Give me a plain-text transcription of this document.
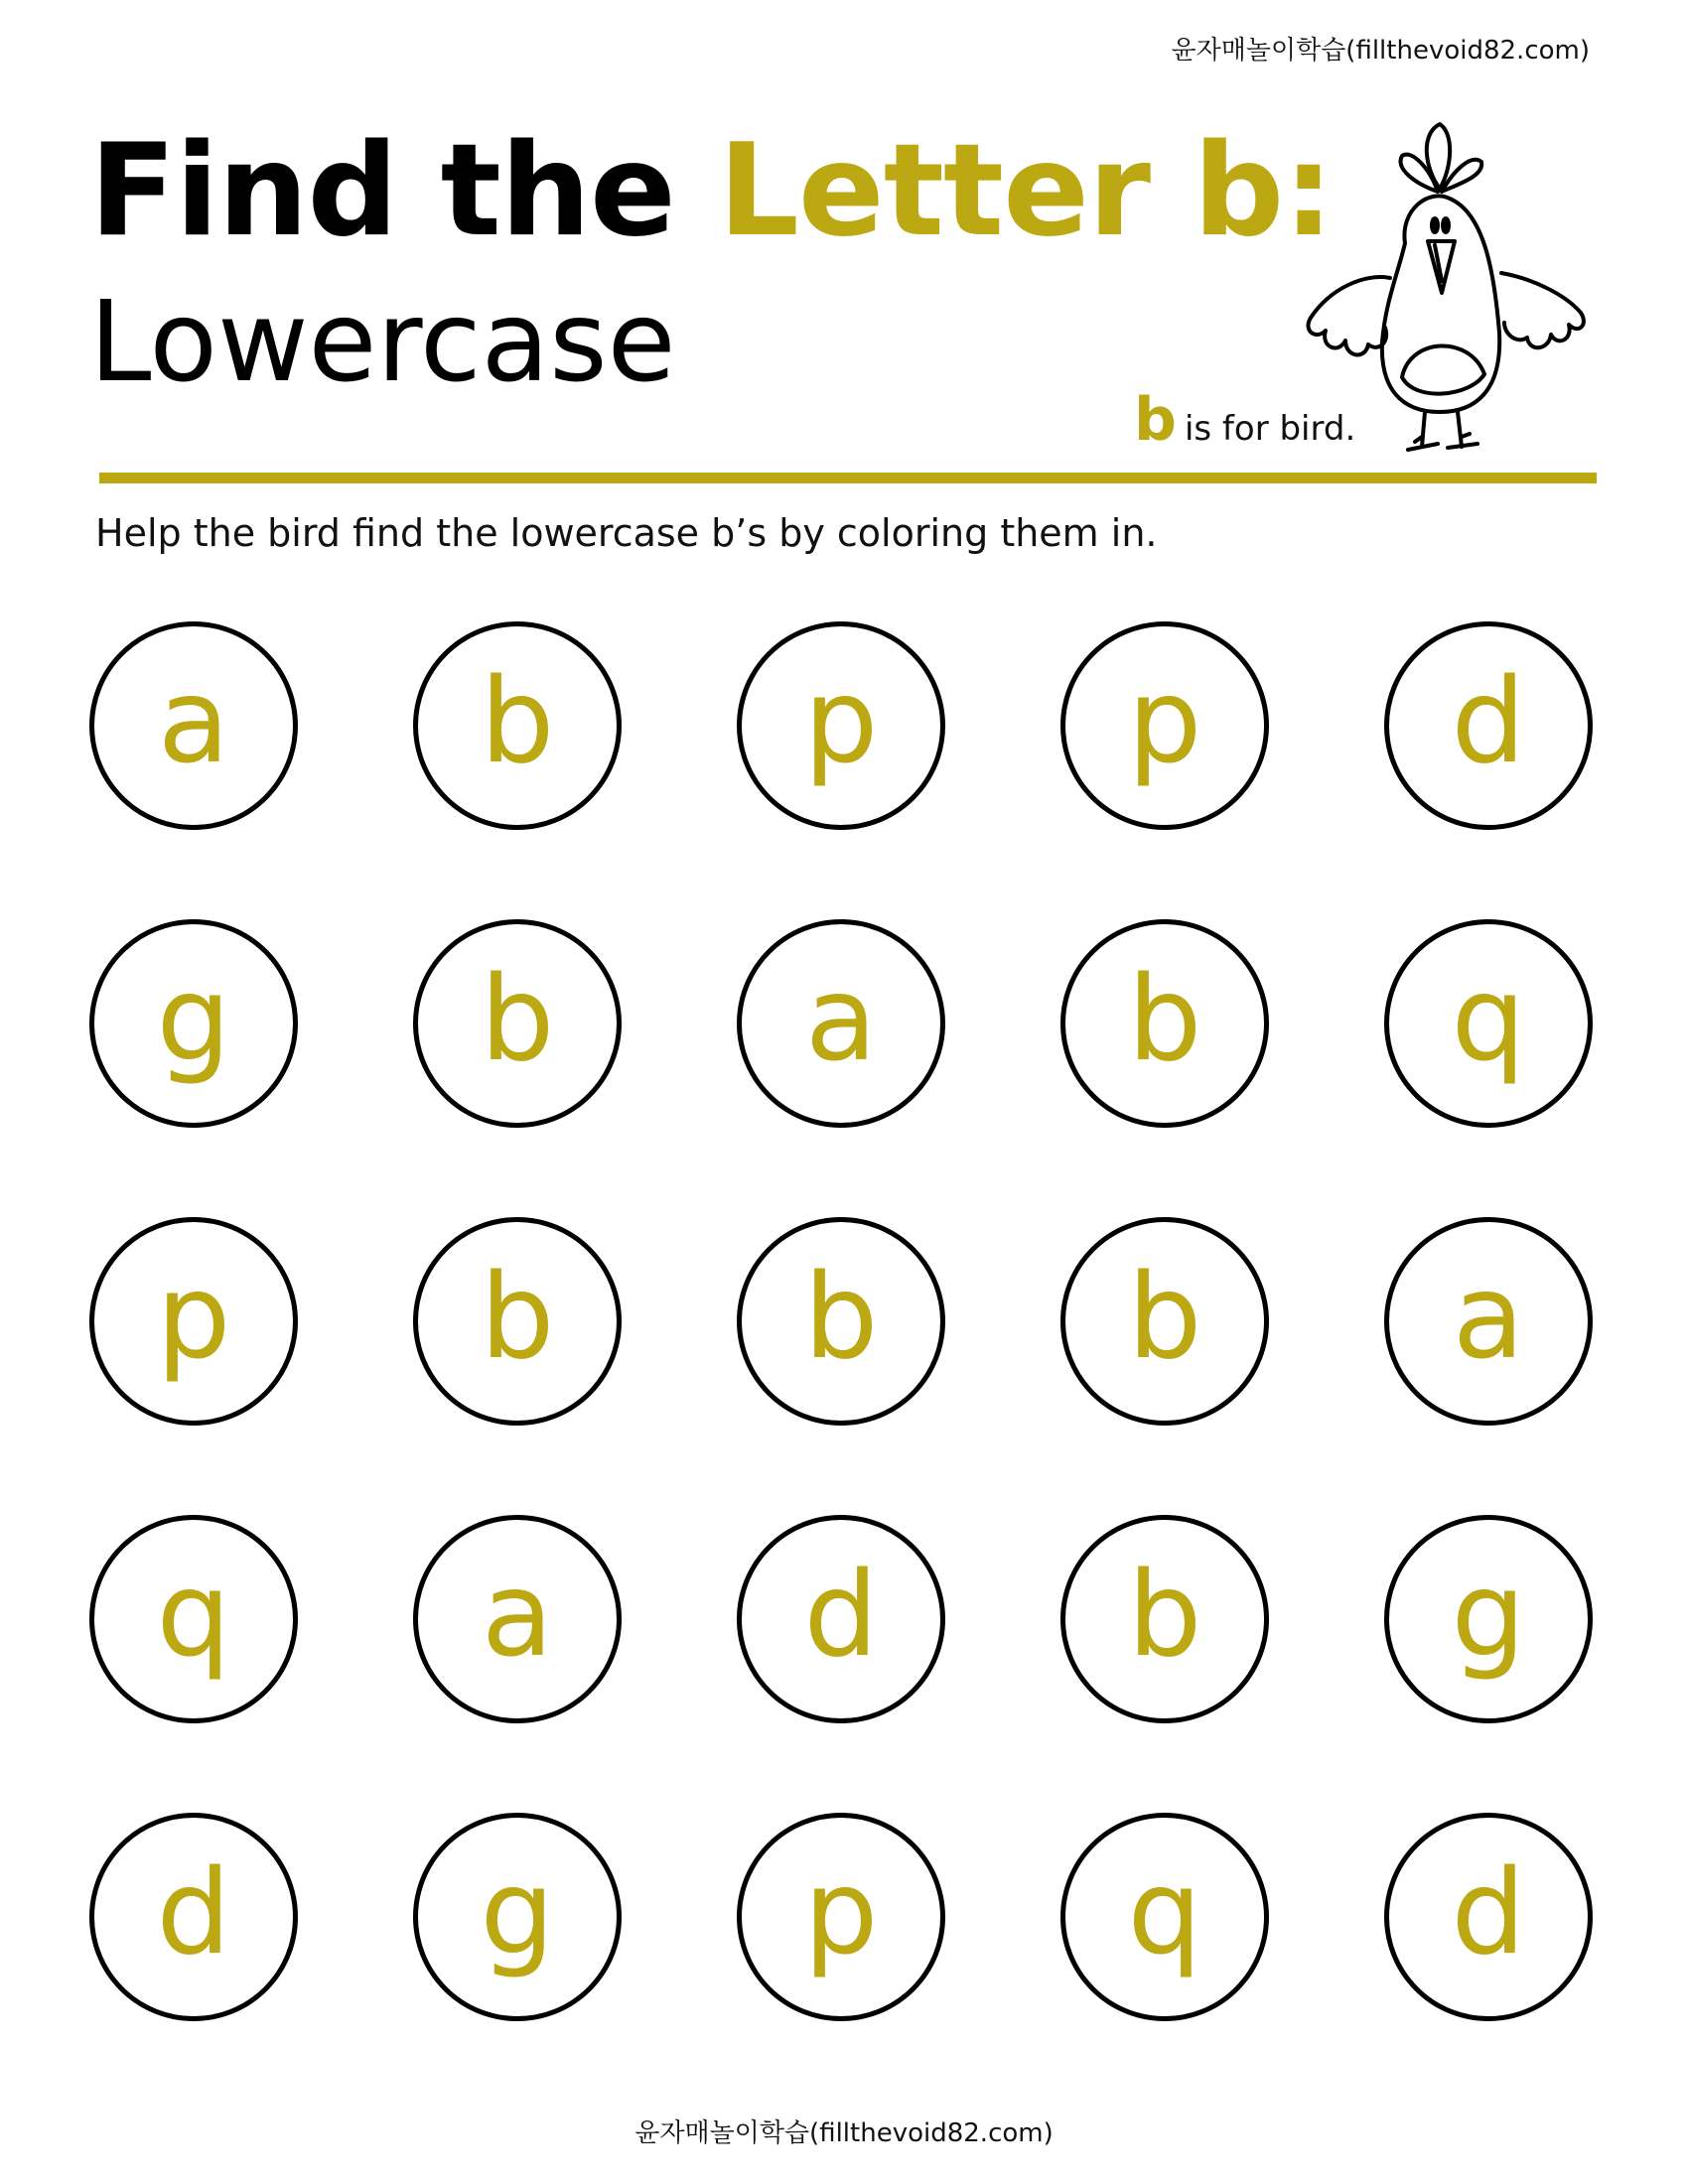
윤자매놀이학습(fillthevoid82.com)
Find the Letter b:
Lowercase
bis for bird.
Help the bird find the lowercase b’s by coloring them in.
a b p p d
g b a b q
p b b b a
q a d b g
d g p q d
윤자매놀이학습(fillthevoid82.com)
